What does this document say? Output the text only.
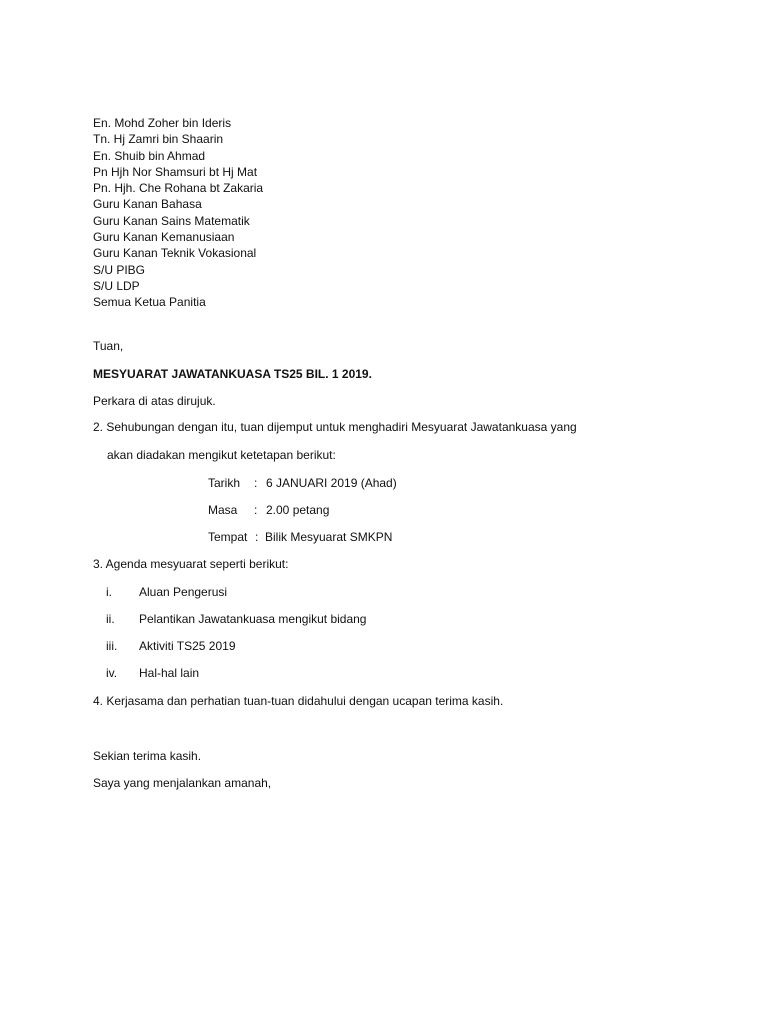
En. Mohd Zoher bin Ideris
Tn. Hj Zamri bin Shaarin
En. Shuib bin Ahmad
Pn Hjh Nor Shamsuri bt Hj Mat
Pn. Hjh. Che Rohana bt Zakaria
Guru Kanan Bahasa
Guru Kanan Sains Matematik
Guru Kanan Kemanusiaan
Guru Kanan Teknik Vokasional
S/U PIBG
S/U LDP
Semua Ketua Panitia
Tuan,
MESYUARAT JAWATANKUASA TS25 BIL. 1 2019.
Perkara di atas dirujuk.
2. Sehubungan dengan itu, tuan dijemput untuk menghadiri Mesyuarat Jawatankuasa yang
akan diadakan mengikut ketetapan berikut:
Tarikh : 6 JANUARI 2019 (Ahad)
Masa : 2.00 petang
Tempat : Bilik Mesyuarat SMKPN
3. Agenda mesyuarat seperti berikut:
i. Aluan Pengerusi
ii. Pelantikan Jawatankuasa mengikut bidang
iii. Aktiviti TS25 2019
iv. Hal-hal lain
4. Kerjasama dan perhatian tuan-tuan didahului dengan ucapan terima kasih.
Sekian terima kasih.
Saya yang menjalankan amanah,
